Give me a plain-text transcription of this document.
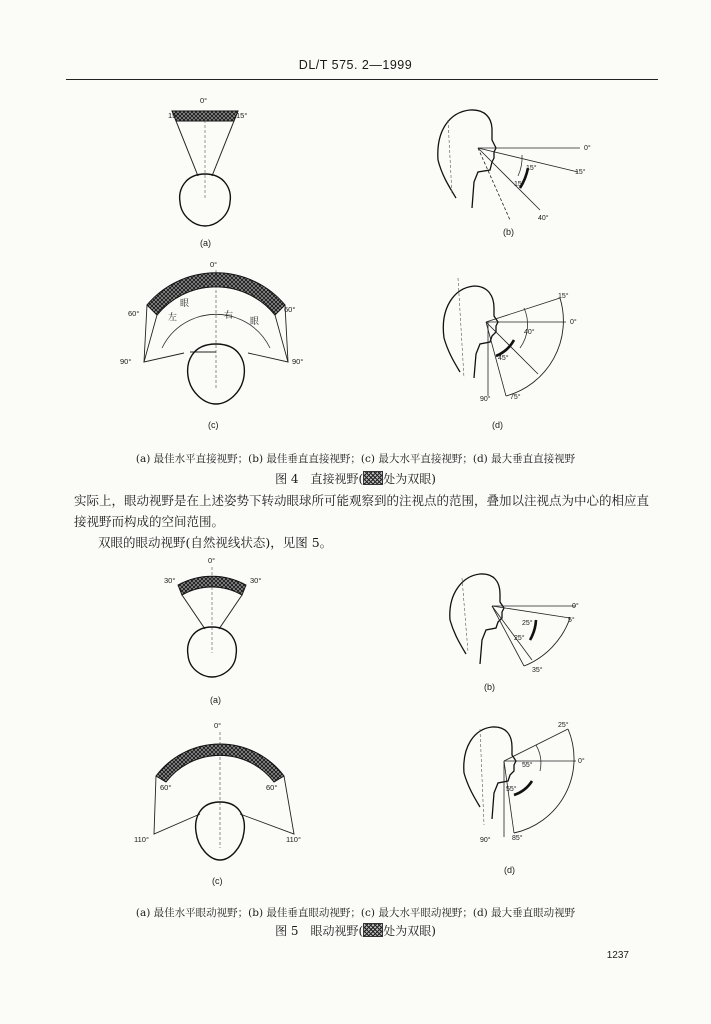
DL/T 575. 2—1999
0°
15°	15°
(a)
0°
15°
15°
15°
40°
(b)
0°
60°	60°
90°	90°
左
眼
右
眼
(c)
15°
0°
40°
45°
90°	75°
(d)
(a) 最佳水平直接视野；(b) 最佳垂直直接视野；(c) 最大水平直接视野；(d) 最大垂直直接视野
图 4　直接视野( 处为双眼)
实际上，眼动视野是在上述姿势下转动眼球所可能观察到的注视点的范围，叠加以注视点为中心的相应直接视野而构成的空间范围。
双眼的眼动视野(自然视线状态)，见图 5。
0°
30°	30°
(a)
0°
5°
25°
25°
35°
(b)
0°
60°	60°
110°	110°
(c)
25°
0°
55°
55°
90°	85°
(d)
(a) 最佳水平眼动视野；(b) 最佳垂直眼动视野；(c) 最大水平眼动视野；(d) 最大垂直眼动视野
图 5　眼动视野( 处为双眼)
1237
